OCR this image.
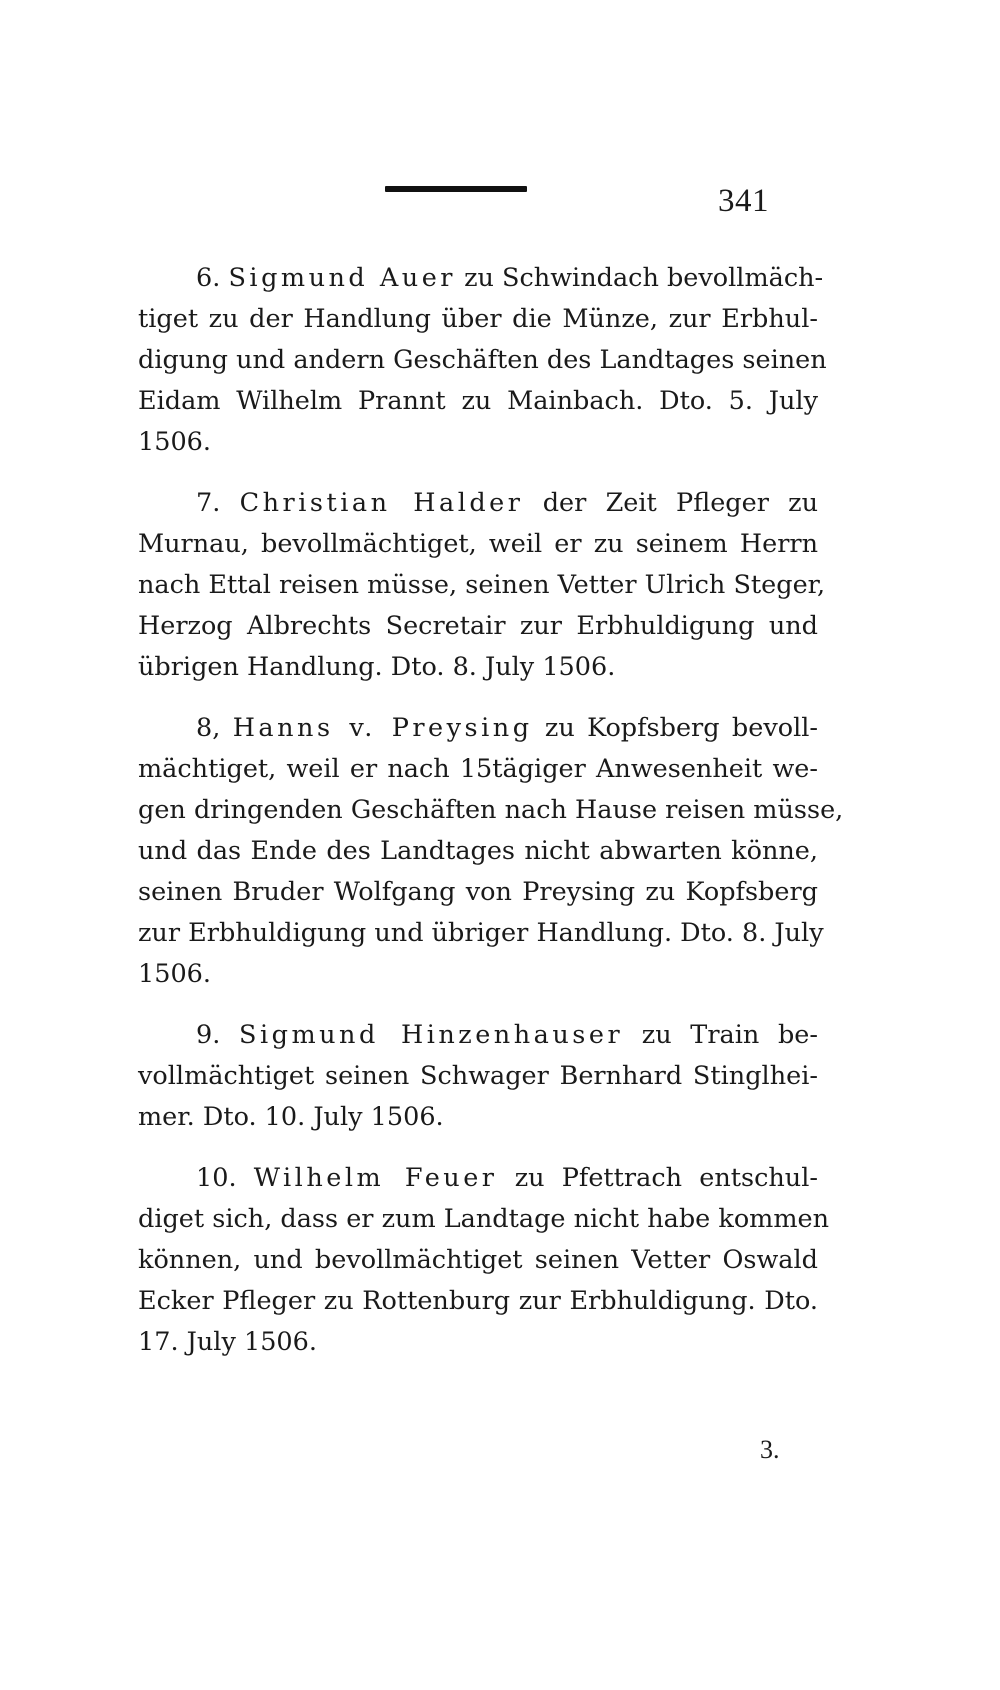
341
6. Sigmund Auer zu Schwindach bevollmäch-
tiget zu der Handlung über die Münze, zur Erbhul-
digung und andern Geschäften des Landtages seinen
Eidam Wilhelm Prannt zu Mainbach. Dto. 5. July
1506.
7. Christian Halder der Zeit Pfleger zu
Murnau, bevollmächtiget, weil er zu seinem Herrn
nach Ettal reisen müsse, seinen Vetter Ulrich Steger,
Herzog Albrechts Secretair zur Erbhuldigung und
übrigen Handlung. Dto. 8. July 1506.
8, Hanns v. Preysing zu Kopfsberg bevoll-
mächtiget, weil er nach 15tägiger Anwesenheit we-
gen dringenden Geschäften nach Hause reisen müsse,
und das Ende des Landtages nicht abwarten könne,
seinen Bruder Wolfgang von Preysing zu Kopfsberg
zur Erbhuldigung und übriger Handlung. Dto. 8. July
1506.
9. Sigmund Hinzenhauser zu Train be-
vollmächtiget seinen Schwager Bernhard Stinglhei-
mer. Dto. 10. July 1506.
10. Wilhelm Feuer zu Pfettrach entschul-
diget sich, dass er zum Landtage nicht habe kommen
können, und bevollmächtiget seinen Vetter Oswald
Ecker Pfleger zu Rottenburg zur Erbhuldigung. Dto.
17. July 1506.
3.
